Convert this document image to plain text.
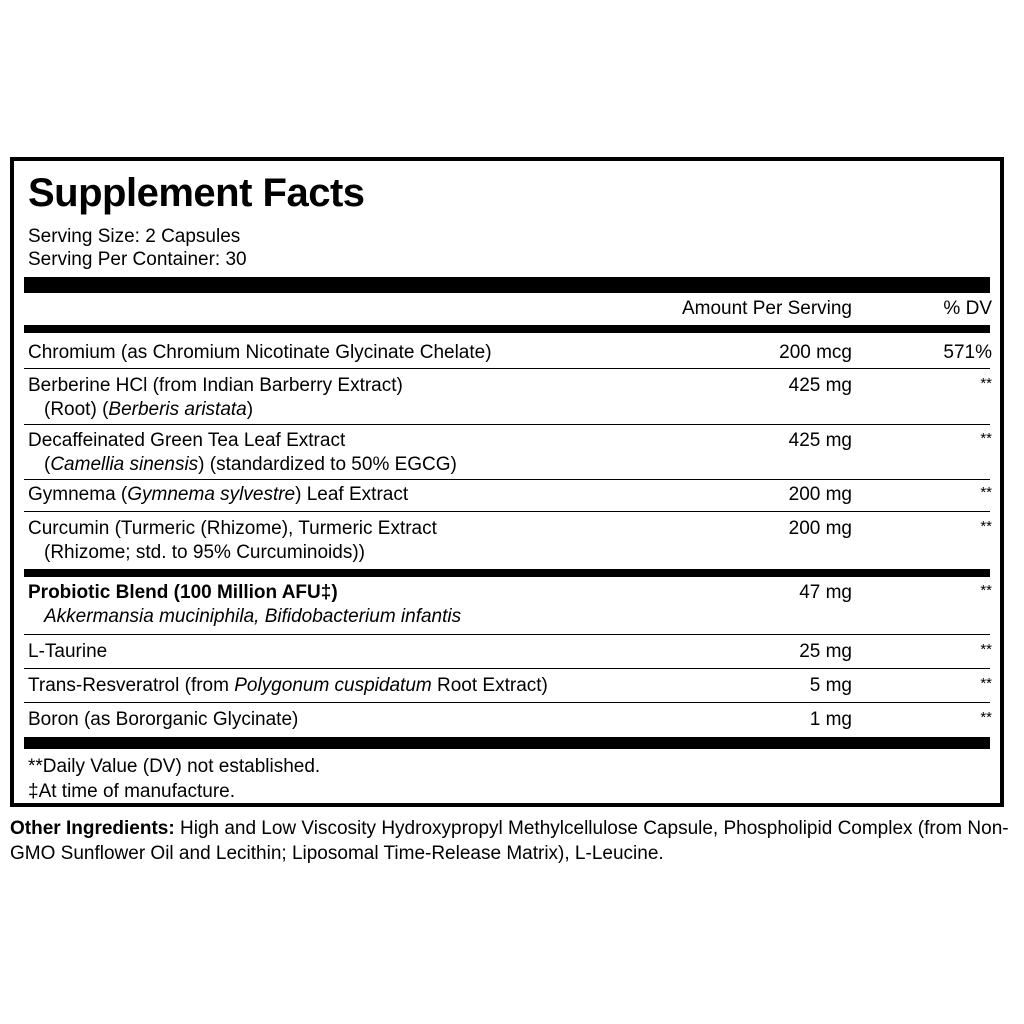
Supplement Facts
Serving Size: 2 Capsules
Serving Per Container: 30
Amount Per Serving	% DV
Chromium (as Chromium Nicotinate Glycinate Chelate)	200 mcg	571%
Berberine HCl (from Indian Barberry Extract)
(Root) (Berberis aristata)
425 mg	**
Decaffeinated Green Tea Leaf Extract
(Camellia sinensis) (standardized to 50% EGCG)
425 mg	**
Gymnema (Gymnema sylvestre) Leaf Extract	200 mg	**
Curcumin (Turmeric (Rhizome), Turmeric Extract
(Rhizome; std. to 95% Curcuminoids))
200 mg	**
Probiotic Blend (100 Million AFU‡)
Akkermansia muciniphila, Bifidobacterium infantis
47 mg	**
L-Taurine	25 mg	**
Trans-Resveratrol (from Polygonum cuspidatum Root Extract)	5 mg	**
Boron (as Bororganic Glycinate)	1 mg	**
**Daily Value (DV) not established.
‡At time of manufacture.
Other Ingredients: High and Low Viscosity Hydroxypropyl Methylcellulose Capsule, Phospholipid Complex (from Non-GMO Sunflower Oil and Lecithin; Liposomal Time-Release Matrix), L-Leucine.
